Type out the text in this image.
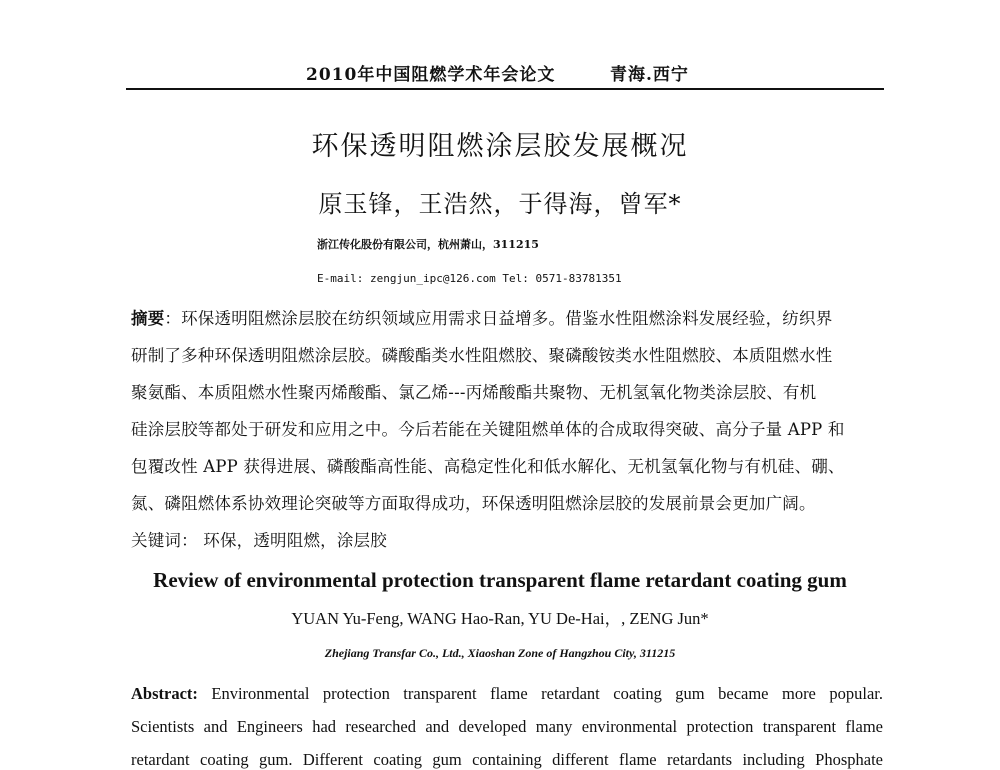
2010年中国阻燃学术年会论文	青海.西宁
环保透明阻燃涂层胶发展概况
原玉锋，王浩然，于得海，曾军*
浙江传化股份有限公司，杭州萧山，311215
E-mail: zengjun_ipc@126.com Tel: 0571-83781351
摘要：环保透明阻燃涂层胶在纺织领域应用需求日益增多。借鉴水性阻燃涂料发展经验，纺织界
研制了多种环保透明阻燃涂层胶。磷酸酯类水性阻燃胶、聚磷酸铵类水性阻燃胶、本质阻燃水性
聚氨酯、本质阻燃水性聚丙烯酸酯、氯乙烯---丙烯酸酯共聚物、无机氢氧化物类涂层胶、有机
硅涂层胶等都处于研发和应用之中。今后若能在关键阻燃单体的合成取得突破、高分子量 APP 和
包覆改性 APP 获得进展、磷酸酯高性能、高稳定性化和低水解化、无机氢氧化物与有机硅、硼、
氮、磷阻燃体系协效理论突破等方面取得成功，环保透明阻燃涂层胶的发展前景会更加广阔。
关键词： 环保，透明阻燃，涂层胶
Review of environmental protection transparent flame retardant coating gum
YUAN Yu-Feng, WANG Hao-Ran, YU De-Hai，, ZENG Jun*
Zhejiang Transfar Co., Ltd., Xiaoshan Zone of Hangzhou City, 311215
Abstract: Environmental protection transparent flame retardant coating gum became more popular.
Scientists and Engineers had researched and developed many environmental protection transparent flame
retardant coating gum. Different coating gum containing different flame retardants including Phosphate
